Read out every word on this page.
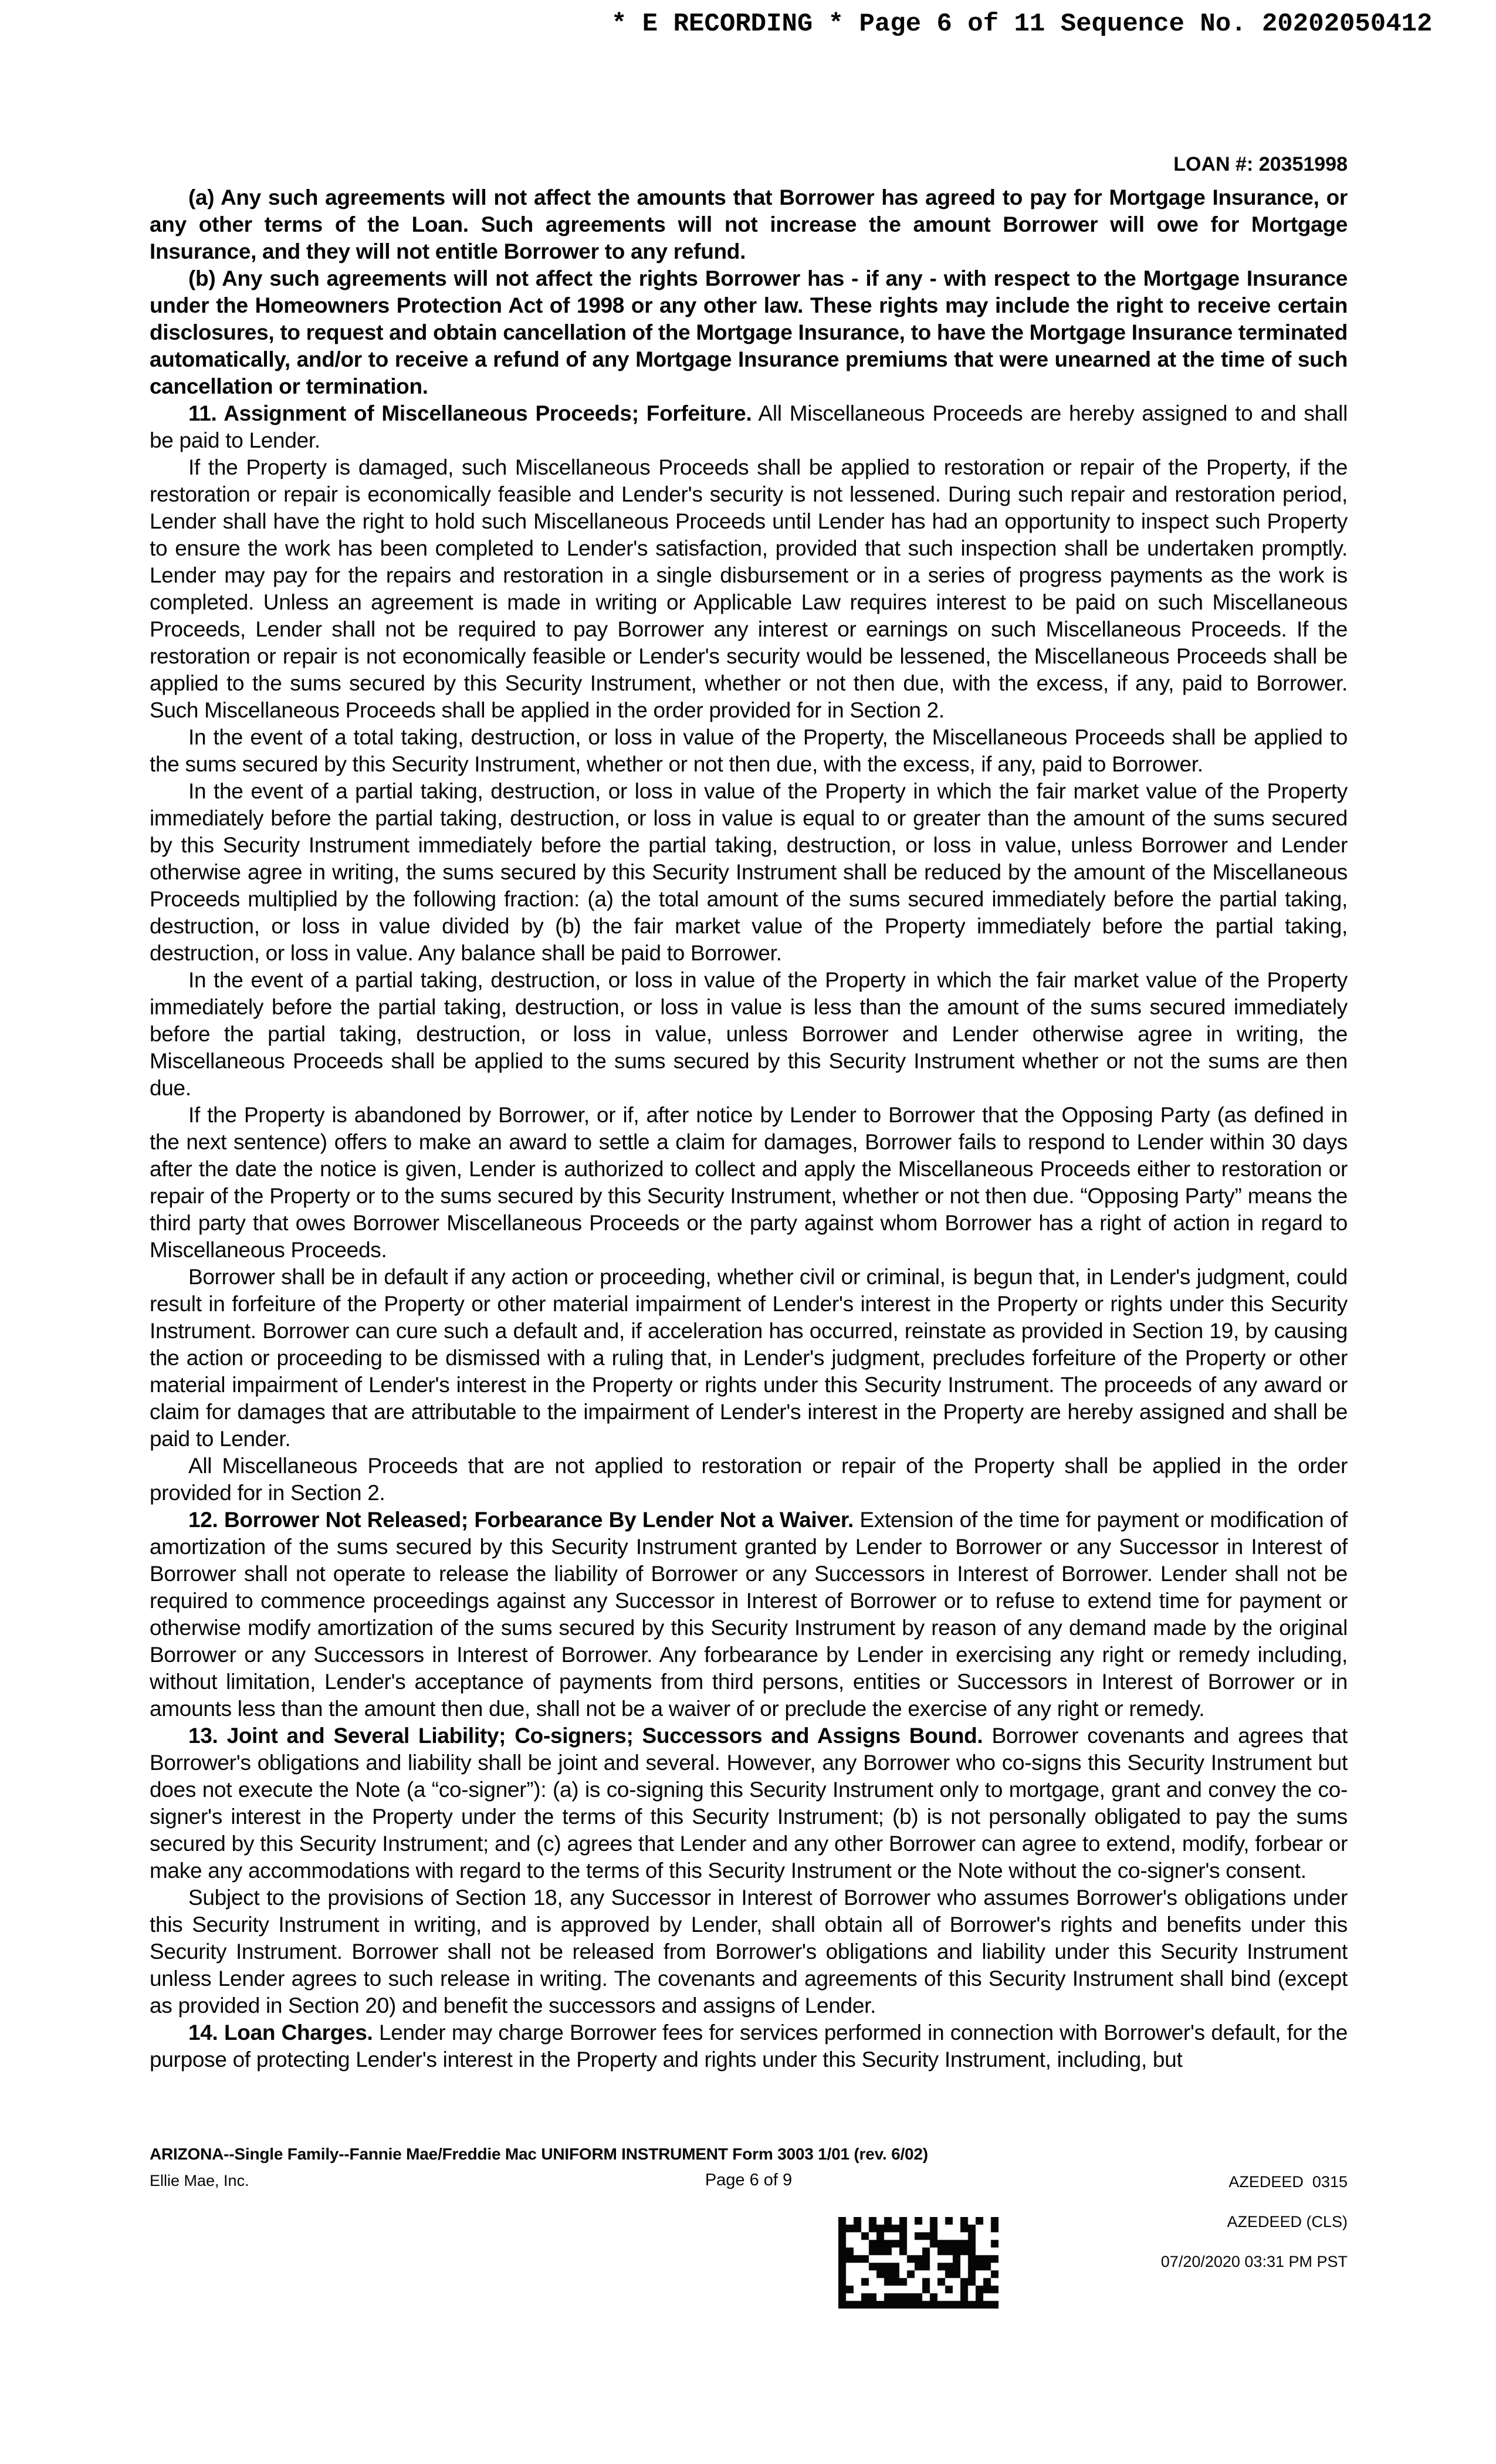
* E RECORDING * Page 6 of 11 Sequence No. 20202050412

LOAN #: 20351998

(a) Any such agreements will not affect the amounts that Borrower has agreed to pay for Mortgage Insurance, or any other terms of the Loan. Such agreements will not increase the amount Borrower will owe for Mortgage Insurance, and they will not entitle Borrower to any refund.

(b) Any such agreements will not affect the rights Borrower has - if any - with respect to the Mortgage Insurance under the Homeowners Protection Act of 1998 or any other law. These rights may include the right to receive certain disclosures, to request and obtain cancellation of the Mortgage Insurance, to have the Mortgage Insurance terminated automatically, and/or to receive a refund of any Mortgage Insurance premiums that were unearned at the time of such cancellation or termination.

11. Assignment of Miscellaneous Proceeds; Forfeiture. All Miscellaneous Proceeds are hereby assigned to and shall be paid to Lender.

If the Property is damaged, such Miscellaneous Proceeds shall be applied to restoration or repair of the Property, if the restoration or repair is economically feasible and Lender's security is not lessened. During such repair and restoration period, Lender shall have the right to hold such Miscellaneous Proceeds until Lender has had an opportunity to inspect such Property to ensure the work has been completed to Lender's satisfaction, provided that such inspection shall be undertaken promptly. Lender may pay for the repairs and restoration in a single disbursement or in a series of progress payments as the work is completed. Unless an agreement is made in writing or Applicable Law requires interest to be paid on such Miscellaneous Proceeds, Lender shall not be required to pay Borrower any interest or earnings on such Miscellaneous Proceeds. If the restoration or repair is not economically feasible or Lender's security would be lessened, the Miscellaneous Proceeds shall be applied to the sums secured by this Security Instrument, whether or not then due, with the excess, if any, paid to Borrower. Such Miscellaneous Proceeds shall be applied in the order provided for in Section 2.

In the event of a total taking, destruction, or loss in value of the Property, the Miscellaneous Proceeds shall be applied to the sums secured by this Security Instrument, whether or not then due, with the excess, if any, paid to Borrower.

In the event of a partial taking, destruction, or loss in value of the Property in which the fair market value of the Property immediately before the partial taking, destruction, or loss in value is equal to or greater than the amount of the sums secured by this Security Instrument immediately before the partial taking, destruction, or loss in value, unless Borrower and Lender otherwise agree in writing, the sums secured by this Security Instrument shall be reduced by the amount of the Miscellaneous Proceeds multiplied by the following fraction: (a) the total amount of the sums secured immediately before the partial taking, destruction, or loss in value divided by (b) the fair market value of the Property immediately before the partial taking, destruction, or loss in value. Any balance shall be paid to Borrower.

In the event of a partial taking, destruction, or loss in value of the Property in which the fair market value of the Property immediately before the partial taking, destruction, or loss in value is less than the amount of the sums secured immediately before the partial taking, destruction, or loss in value, unless Borrower and Lender otherwise agree in writing, the Miscellaneous Proceeds shall be applied to the sums secured by this Security Instrument whether or not the sums are then due.

If the Property is abandoned by Borrower, or if, after notice by Lender to Borrower that the Opposing Party (as defined in the next sentence) offers to make an award to settle a claim for damages, Borrower fails to respond to Lender within 30 days after the date the notice is given, Lender is authorized to collect and apply the Miscellaneous Proceeds either to restoration or repair of the Property or to the sums secured by this Security Instrument, whether or not then due. “Opposing Party” means the third party that owes Borrower Miscellaneous Proceeds or the party against whom Borrower has a right of action in regard to Miscellaneous Proceeds.

Borrower shall be in default if any action or proceeding, whether civil or criminal, is begun that, in Lender's judgment, could result in forfeiture of the Property or other material impairment of Lender's interest in the Property or rights under this Security Instrument. Borrower can cure such a default and, if acceleration has occurred, reinstate as provided in Section 19, by causing the action or proceeding to be dismissed with a ruling that, in Lender's judgment, precludes forfeiture of the Property or other material impairment of Lender's interest in the Property or rights under this Security Instrument. The proceeds of any award or claim for damages that are attributable to the impairment of Lender's interest in the Property are hereby assigned and shall be paid to Lender.

All Miscellaneous Proceeds that are not applied to restoration or repair of the Property shall be applied in the order provided for in Section 2.

12. Borrower Not Released; Forbearance By Lender Not a Waiver. Extension of the time for payment or modification of amortization of the sums secured by this Security Instrument granted by Lender to Borrower or any Successor in Interest of Borrower shall not operate to release the liability of Borrower or any Successors in Interest of Borrower. Lender shall not be required to commence proceedings against any Successor in Interest of Borrower or to refuse to extend time for payment or otherwise modify amortization of the sums secured by this Security Instrument by reason of any demand made by the original Borrower or any Successors in Interest of Borrower. Any forbearance by Lender in exercising any right or remedy including, without limitation, Lender's acceptance of payments from third persons, entities or Successors in Interest of Borrower or in amounts less than the amount then due, shall not be a waiver of or preclude the exercise of any right or remedy.

13. Joint and Several Liability; Co-signers; Successors and Assigns Bound. Borrower covenants and agrees that Borrower's obligations and liability shall be joint and several. However, any Borrower who co-signs this Security Instrument but does not execute the Note (a “co-signer”): (a) is co-signing this Security Instrument only to mortgage, grant and convey the co-signer's interest in the Property under the terms of this Security Instrument; (b) is not personally obligated to pay the sums secured by this Security Instrument; and (c) agrees that Lender and any other Borrower can agree to extend, modify, forbear or make any accommodations with regard to the terms of this Security Instrument or the Note without the co-signer's consent.

Subject to the provisions of Section 18, any Successor in Interest of Borrower who assumes Borrower's obligations under this Security Instrument in writing, and is approved by Lender, shall obtain all of Borrower's rights and benefits under this Security Instrument. Borrower shall not be released from Borrower's obligations and liability under this Security Instrument unless Lender agrees to such release in writing. The covenants and agreements of this Security Instrument shall bind (except as provided in Section 20) and benefit the successors and assigns of Lender.

14. Loan Charges. Lender may charge Borrower fees for services performed in connection with Borrower's default, for the purpose of protecting Lender's interest in the Property and rights under this Security Instrument, including, but

ARIZONA--Single Family--Fannie Mae/Freddie Mac UNIFORM INSTRUMENT Form 3003 1/01 (rev. 6/02)
Ellie Mae, Inc.	Page 6 of 9	AZEDEED  0315

AZEDEED (CLS)

07/20/2020 03:31 PM PST
